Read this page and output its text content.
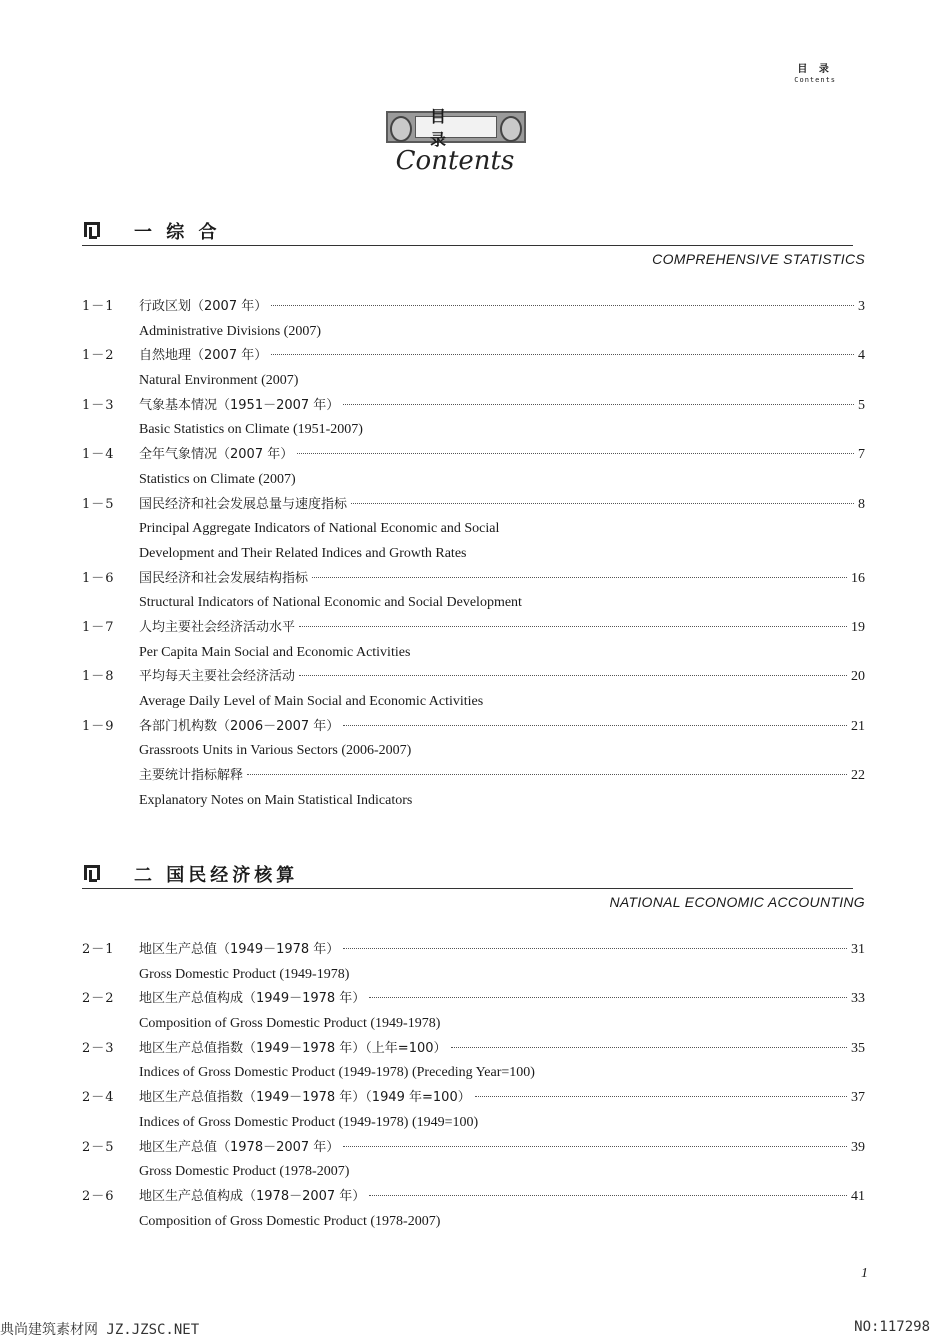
目 录
Contents
目 录
Contents
一 综 合
COMPREHENSIVE STATISTICS
1－1	行政区划（2007 年）	3
Administrative Divisions (2007)
1－2	自然地理（2007 年）	4
Natural Environment (2007)
1－3	气象基本情况（1951－2007 年）	5
Basic Statistics on Climate (1951-2007)
1－4	全年气象情况（2007 年）	7
Statistics on Climate (2007)
1－5	国民经济和社会发展总量与速度指标	8
Principal Aggregate Indicators of National Economic and Social
Development and Their Related Indices and Growth Rates
1－6	国民经济和社会发展结构指标	16
Structural Indicators of National Economic and Social Development
1－7	人均主要社会经济活动水平	19
Per Capita Main Social and Economic Activities
1－8	平均每天主要社会经济活动	20
Average Daily Level of Main Social and Economic Activities
1－9	各部门机构数（2006－2007 年）	21
Grassroots Units in Various Sectors (2006-2007)
主要统计指标解释	22
Explanatory Notes on Main Statistical Indicators
二 国民经济核算
NATIONAL ECONOMIC ACCOUNTING
2－1	地区生产总值（1949－1978 年）	31
Gross Domestic Product (1949-1978)
2－2	地区生产总值构成（1949－1978 年）	33
Composition of Gross Domestic Product (1949-1978)
2－3	地区生产总值指数（1949－1978 年）（上年=100）	35
Indices of Gross Domestic Product (1949-1978) (Preceding Year=100)
2－4	地区生产总值指数（1949－1978 年）（1949 年=100）	37
Indices of Gross Domestic Product (1949-1978) (1949=100)
2－5	地区生产总值（1978－2007 年）	39
Gross Domestic Product (1978-2007)
2－6	地区生产总值构成（1978－2007 年）	41
Composition of Gross Domestic Product (1978-2007)
1
典尚建筑素材网 JZ.JZSC.NET	NO:117298
